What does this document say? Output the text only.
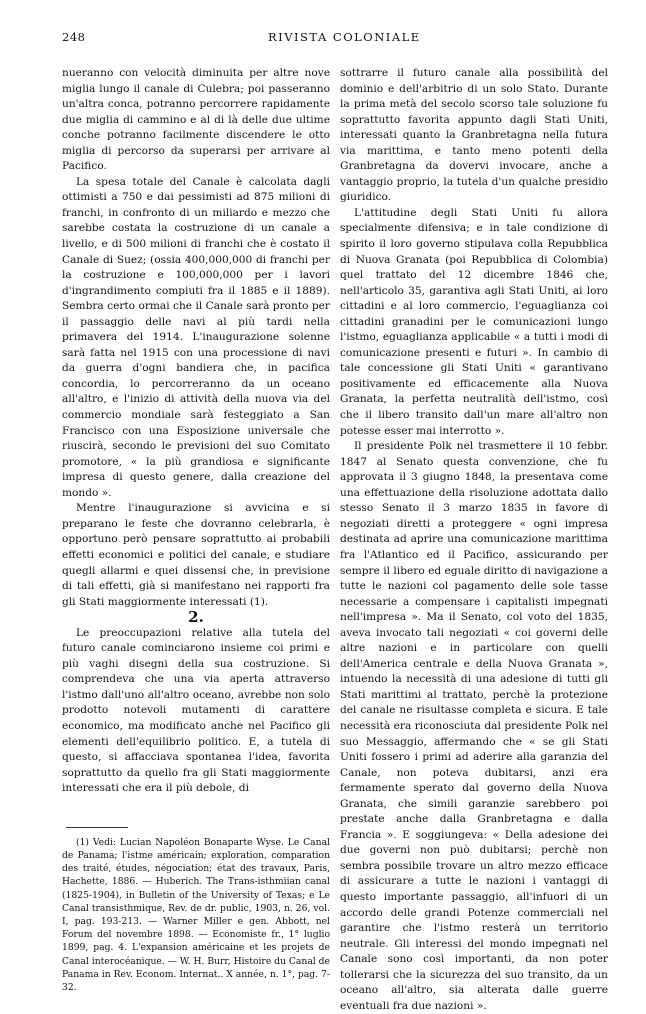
248	RIVISTA COLONIALE

nueranno con velocità diminuita per altre nove miglia lungo il canale di Culebra; poi passeranno un'altra conca, potranno percorrere rapidamente due miglia di cammino e al di là delle due ultime conche potranno facilmente discendere le otto miglia di percorso da superarsi per arrivare al Pacifico.

La spesa totale del Canale è calcolata dagli ottimisti a 750 e dai pessimisti ad 875 milioni di franchi, in confronto di un miliardo e mezzo che sarebbe costata la costruzione di un canale a livello, e di 500 milioni di franchi che è costato il Canale di Suez; (ossia 400,000,000 di franchi per la costruzione e 100,000,000 per i lavori d'ingrandimento compiuti fra il 1885 e il 1889). Sembra certo ormai che il Canale sarà pronto per il passaggio delle navi al più tardi nella primavera del 1914. L'inaugurazione solenne sarà fatta nel 1915 con una processione di navi da guerra d'ogni bandiera che, in pacifica concordia, lo percorreranno da un oceano all'altro, e l'inizio di attività della nuova via del commercio mondiale sarà festeggiato a San Francisco con una Esposizione universale che riuscirà, secondo le previsioni del suo Comitato promotore, « la più grandiosa e significante impresa di questo genere, dalla creazione del mondo ».

Mentre l'inaugurazione si avvicina e si preparano le feste che dovranno celebrarla, è opportuno però pensare soprattutto ai probabili effetti economici e politici del canale, e studiare quegli allarmi e quei dissensi che, in previsione di tali effetti, già si manifestano nei rapporti fra gli Stati maggiormente interessati (1).

2.

Le preoccupazioni relative alla tutela del futuro canale cominciarono insieme coi primi e più vaghi disegni della sua costruzione. Si comprendeva che una via aperta attraverso l'istmo dall'uno all'altro oceano, avrebbe non solo prodotto notevoli mutamenti di carattere economico, ma modificato anche nel Pacifico gli elementi dell'equilibrio politico. E, a tutela di questo, si affacciava spontanea l'idea, favorita soprattutto da quello fra gli Stati maggiormente interessati che era il più debole, di

(1) Vedi: Lucian Napoléon Bonaparte Wyse. Le Canal de Panama; l'istme américain; exploration, comparation des traité, études, négociation; état des travaux, Paris, Hachette, 1886. — Huberich. The Trans-isthmiian canal (1825-1904), in Bulletin of the University of Texas; e Le Canal transisthmique, Rev. de dr. public, 1903, n. 26, vol. I, pag. 193-213. — Warner Miller e gen. Abbott, nel Forum del novembre 1898. — Economiste fr., 1° luglio 1899, pag. 4. L'expansion américaine et les projets de Canal interocéanique. — W. H. Burr, Histoire du Canal de Panama in Rev. Econom. Internat.. X année, n. 1°, pag. 7-32.

sottrarre il futuro canale alla possibilità del dominio e dell'arbitrio di un solo Stato. Durante la prima metà del secolo scorso tale soluzione fu soprattutto favorita appunto dagli Stati Uniti, interessati quanto la Granbretagna nella futura via marittima, e tanto meno potenti della Granbretagna da dovervi invocare, anche a vantaggio proprio, la tutela d'un qualche presidio giuridico.

L'attitudine degli Stati Uniti fu allora specialmente difensiva; e in tale condizione di spirito il loro governo stipulava colla Repubblica di Nuova Granata (poi Repubblica di Colombia) quel trattato del 12 dicembre 1846 che, nell'articolo 35, garantiva agli Stati Uniti, ai loro cittadini e al loro commercio, l'eguaglianza coi cittadini granadini per le comunicazioni lungo l'istmo, eguaglianza applicabile « a tutti i modi di comunicazione presenti e futuri ». In cambio di tale concessione gli Stati Uniti « garantivano positivamente ed efficacemente alla Nuova Granata, la perfetta neutralità dell'istmo, così che il libero transito dall'un mare all'altro non potesse esser mai interrotto ».

Il presidente Polk nel trasmettere il 10 febbr. 1847 al Senato questa convenzione, che fu approvata il 3 giugno 1848, la presentava come una effettuazione della risoluzione adottata dallo stesso Senato il 3 marzo 1835 in favore di negoziati diretti a proteggere « ogni impresa destinata ad aprire una comunicazione marittima fra l'Atlantico ed il Pacifico, assicurando per sempre il libero ed eguale diritto di navigazione a tutte le nazioni col pagamento delle sole tasse necessarie a compensare i capitalisti impegnati nell'impresa ». Ma il Senato, col voto del 1835, aveva invocato tali negoziati « coi governi delle altre nazioni e in particolare con quelli dell'America centrale e della Nuova Granata », intuendo la necessità di una adesione di tutti gli Stati marittimi al trattato, perchè la protezione del canale ne risultasse completa e sicura. E tale necessità era riconosciuta dal presidente Polk nel suo Messaggio, affermando che « se gli Stati Uniti fossero i primi ad aderire alla garanzia del Canale, non poteva dubitarsi, anzi era fermamente sperato dal governo della Nuova Granata, che simili garanzie sarebbero poi prestate anche dalla Granbretagna e dalla Francia ». E soggiungeva: « Della adesione dei due governi non può dubitarsi; perchè non sembra possibile trovare un altro mezzo efficace di assicurare a tutte le nazioni i vantaggi di questo importante passaggio, all'infuori di un accordo delle grandi Potenze commerciali nel garantire che l'istmo resterà un territorio neutrale. Gli interessi del mondo impegnati nel Canale sono così importanti, da non poter tollerarsi che la sicurezza del suo transito, da un oceano all'altro, sia alterata dalle guerre eventuali fra due nazioni ».
